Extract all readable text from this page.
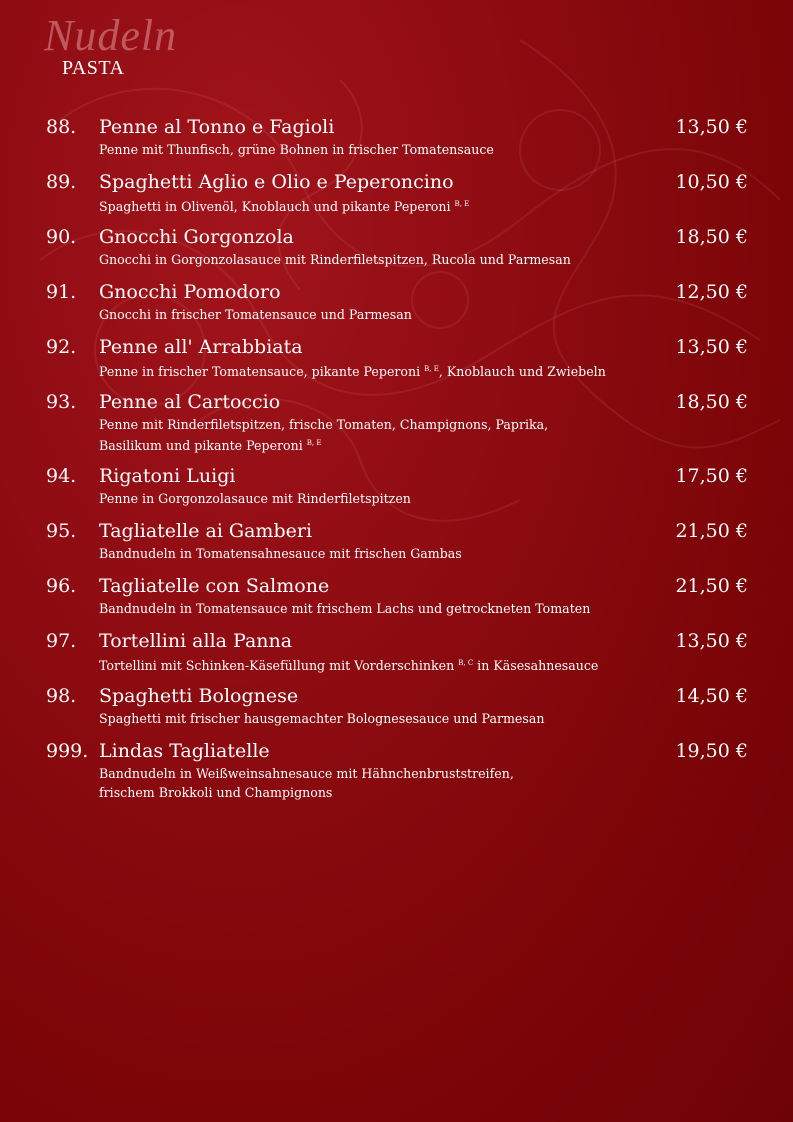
Nudeln
PASTA
88. Penne al Tonno e Fagioli	13,50 €
Penne mit Thunfisch, grüne Bohnen in frischer Tomatensauce
89. Spaghetti Aglio e Olio e Peperoncino	10,50 €
Spaghetti in Olivenöl, Knoblauch und pikante Peperoni $^{B, E}$
90. Gnocchi Gorgonzola	18,50 €
Gnocchi in Gorgonzolasauce mit Rinderfiletspitzen, Rucola und Parmesan
91. Gnocchi Pomodoro	12,50 €
Gnocchi in frischer Tomatensauce und Parmesan
92. Penne all' Arrabbiata	13,50 €
Penne in frischer Tomatensauce, pikante Peperoni $^{B, E}$, Knoblauch und Zwiebeln
93. Penne al Cartoccio	18,50 €
Penne mit Rinderfiletspitzen, frische Tomaten, Champignons, Paprika,
Basilikum und pikante Peperoni $^{B, E}$
94. Rigatoni Luigi	17,50 €
Penne in Gorgonzolasauce mit Rinderfiletspitzen
95. Tagliatelle ai Gamberi	21,50 €
Bandnudeln in Tomatensahnesauce mit frischen Gambas
96. Tagliatelle con Salmone	21,50 €
Bandnudeln in Tomatensauce mit frischem Lachs und getrockneten Tomaten
97. Tortellini alla Panna	13,50 €
Tortellini mit Schinken-Käsefüllung mit Vorderschinken $^{B, C}$ in Käsesahnesauce
98. Spaghetti Bolognese	14,50 €
Spaghetti mit frischer hausgemachter Bolognesesauce und Parmesan
999. Lindas Tagliatelle	19,50 €
Bandnudeln in Weißweinsahnesauce mit Hähnchenbruststreifen,
frischem Brokkoli und Champignons
